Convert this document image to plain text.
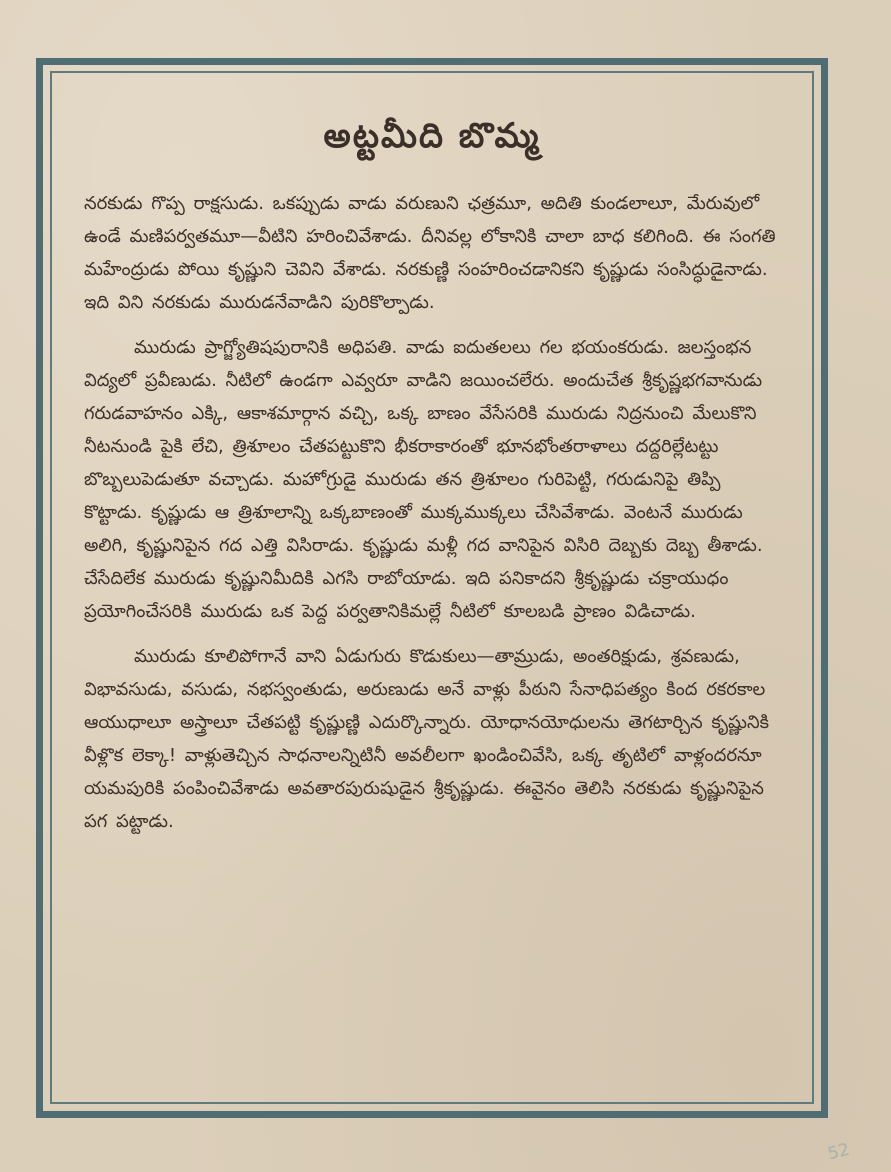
అట్టమీది బొమ్మ

నరకుడు గొప్ప రాక్షసుడు. ఒకప్పుడు వాడు వరుణుని ఛత్రమూ, అదితి కుండలాలూ, మేరువులో ఉండే మణిపర్వతమూ—వీటిని హరించివేశాడు. దీనివల్ల లోకానికి చాలా బాధ కలిగింది. ఈ సంగతి మహేంద్రుడు పోయి కృష్ణుని చెవిని వేశాడు. నరకుణ్ణి సంహరించడానికని కృష్ణుడు సంసిద్ధుడైనాడు. ఇది విని నరకుడు మురుడనేవాడిని పురికొల్పాడు.

మురుడు ప్రాగ్జ్యోతిషపురానికి అధిపతి. వాడు ఐదుతలలు గల భయంకరుడు. జలస్తంభన విద్యలో ప్రవీణుడు. నీటిలో ఉండగా ఎవ్వరూ వాడిని జయించలేరు. అందుచేత శ్రీకృష్ణభగవానుడు గరుడవాహనం ఎక్కి, ఆకాశమార్గాన వచ్చి, ఒక్క బాణం వేసేసరికి మురుడు నిద్రనుంచి మేలుకొని నీటనుండి పైకి లేచి, త్రిశూలం చేతపట్టుకొని భీకరాకారంతో భూనభోంతరాళాలు దద్దరిల్లేటట్టు బొబ్బలుపెడుతూ వచ్చాడు. మహోగ్రుడై మురుడు తన త్రిశూలం గురిపెట్టి, గరుడునిపై తిప్పి కొట్టాడు. కృష్ణుడు ఆ త్రిశూలాన్ని ఒక్కబాణంతో ముక్కముక్కలు చేసివేశాడు. వెంటనే మురుడు అలిగి, కృష్ణునిపైన గద ఎత్తి విసిరాడు. కృష్ణుడు మళ్లీ గద వానిపైన విసిరి దెబ్బకు దెబ్బ తీశాడు. చేసేదిలేక మురుడు కృష్ణునిమీదికి ఎగసి రాబోయాడు. ఇది పనికాదని శ్రీకృష్ణుడు చక్రాయుధం ప్రయోగించేసరికి మురుడు ఒక పెద్ద పర్వతానికిమల్లే నీటిలో కూలబడి ప్రాణం విడిచాడు.

మురుడు కూలిపోగానే వాని ఏడుగురు కొడుకులు—తామ్రుడు, అంతరిక్షుడు, శ్రవణుడు, విభావసుడు, వసుడు, నభస్వంతుడు, అరుణుడు అనే వాళ్లు పీఠుని సేనాధిపత్యం కింద రకరకాల ఆయుధాలూ అస్త్రాలూ చేతపట్టి కృష్ణుణ్ణి ఎదుర్కొన్నారు. యోధానయోధులను తెగటార్చిన కృష్ణునికి వీళ్లొక లెక్కా! వాళ్లుతెచ్చిన సాధనాలన్నిటినీ అవలీలగా ఖండించివేసి, ఒక్క తృటిలో వాళ్లందరనూ యమపురికి పంపించివేశాడు అవతారపురుషుడైన శ్రీకృష్ణుడు. ఈవైనం తెలిసి నరకుడు కృష్ణునిపైన పగ పట్టాడు.

52
